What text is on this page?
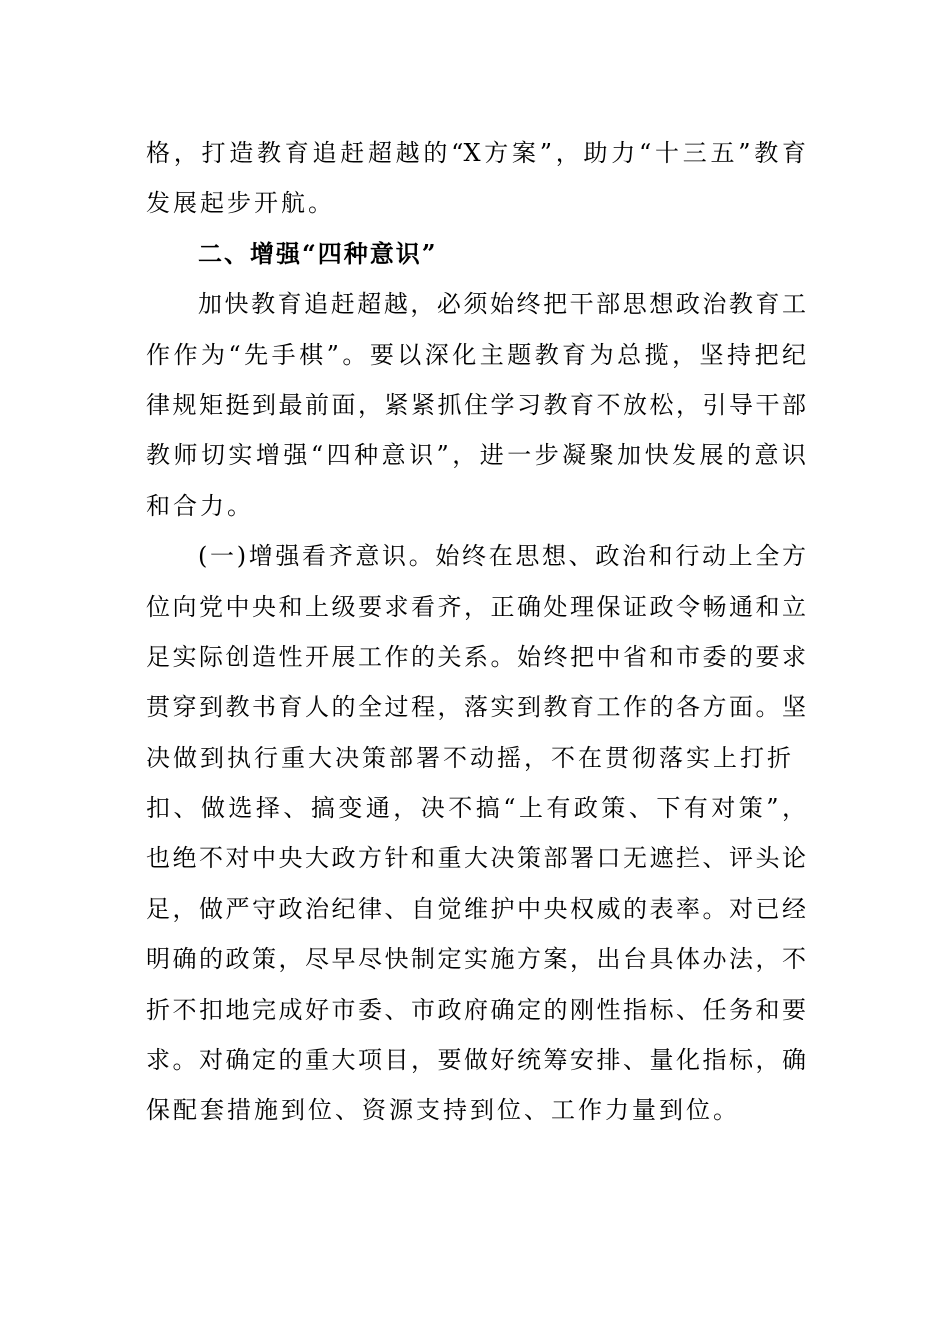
格，打造教育追赶超越的“X方案”，助力“十三五”教育
发展起步开航。
二、增强“四种意识”
加快教育追赶超越，必须始终把干部思想政治教育工
作作为“先手棋”。要以深化主题教育为总揽，坚持把纪
律规矩挺到最前面，紧紧抓住学习教育不放松，引导干部
教师切实增强“四种意识”，进一步凝聚加快发展的意识
和合力。
(一)增强看齐意识。始终在思想、政治和行动上全方
位向党中央和上级要求看齐，正确处理保证政令畅通和立
足实际创造性开展工作的关系。始终把中省和市委的要求
贯穿到教书育人的全过程，落实到教育工作的各方面。坚
决做到执行重大决策部署不动摇，不在贯彻落实上打折
扣、做选择、搞变通，决不搞“上有政策、下有对策”，
也绝不对中央大政方针和重大决策部署口无遮拦、评头论
足，做严守政治纪律、自觉维护中央权威的表率。对已经
明确的政策，尽早尽快制定实施方案，出台具体办法，不
折不扣地完成好市委、市政府确定的刚性指标、任务和要
求。对确定的重大项目，要做好统筹安排、量化指标，确
保配套措施到位、资源支持到位、工作力量到位。
